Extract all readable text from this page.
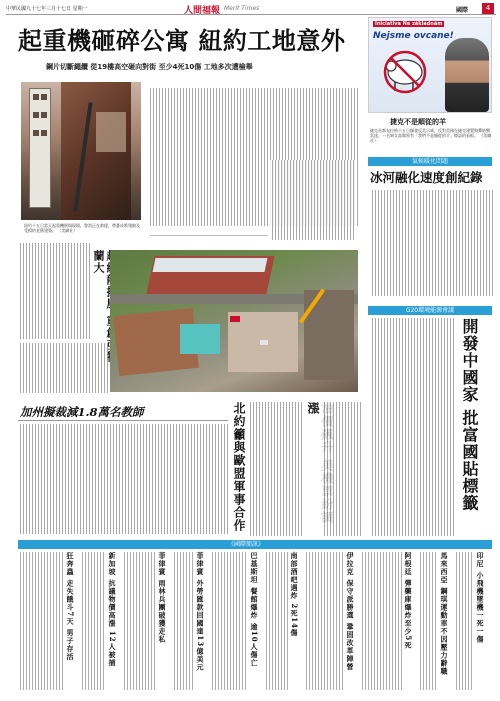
中華民國九十七年三月十七日 星期一	人間福報 Merit Times	國際	4
起重機砸碎公寓 紐約工地意外
鋼片切斷繩纜 從19樓高空砸向對街 至少4死10傷 工地多次遭檢舉
紐約十五日當天起重機倒塌現場，警消正在救援，帶憂成堆殘骸及受損的老舊建築。 （美聯社）
Iniciativa Ne základnám
Nejsme ovcane!
捷克不是順從的羊
捷克首都布拉格十五日爆發反美示威，反對美國在捷克建置飛彈防禦雷達，一名婦女高舉寫有「我們不是順從的羊」標語的看板。 （美聯社）
氣候暖化問題
冰河融化速度創紀錄
G20環境能源會議
開發中國家 批富國貼標籤
蘭大
加州擬裁減1.8萬名教師	北約籲與歐盟軍事合作	漲
《國際簡訊》
印尼 小飛機墜機一死一傷
馬來西亞 鋼琪運動車不因壓力辭職
阿根廷 彈藥庫爆炸至少5死
伊拉克 保守派勝選 鞏固改革陣營
南部酒吧遇炸 2死14傷
巴基斯坦 餐館爆炸 逾10人傷亡
菲律賓 外勞匯款回國達13億美元
菲律賓 雨林兵團破獲走私
新加坡 抗議物價高漲 12人被捕
狂奔蟲 走失餓斗7天 男子存活
